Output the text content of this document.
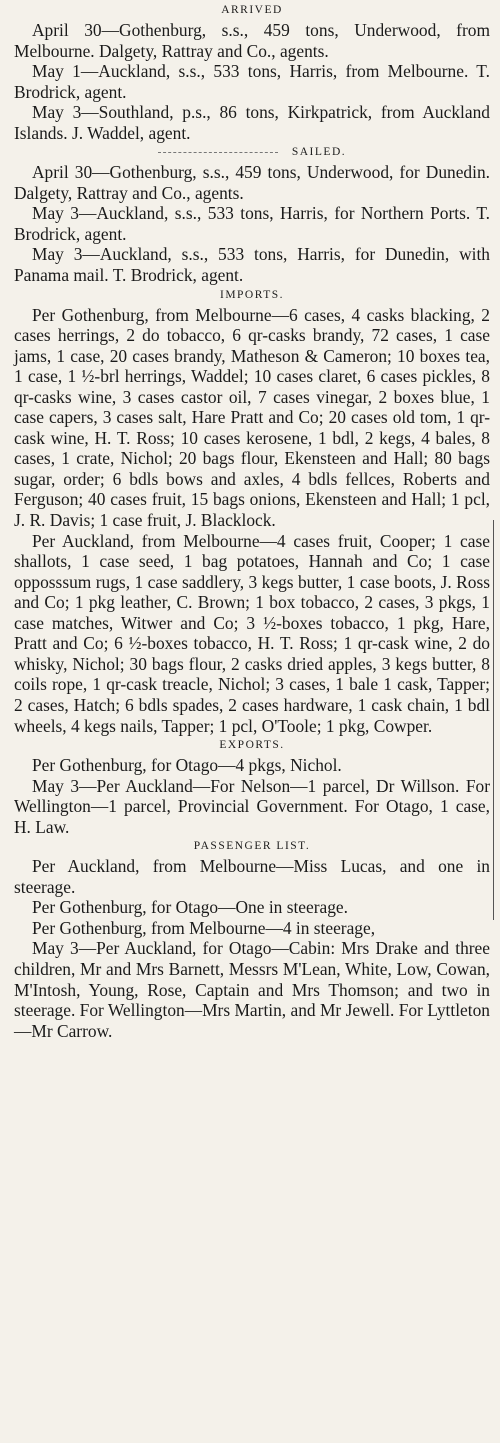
ARRIVED

April 30—Gothenburg, s.s., 459 tons, Underwood, from Melbourne. Dalgety, Rattray and Co., agents.

May 1—Auckland, s.s., 533 tons, Harris, from Melbourne. T. Brodrick, agent.

May 3—Southland, p.s., 86 tons, Kirkpatrick, from Auckland Islands. J. Waddel, agent.

SAILED.

April 30—Gothenburg, s.s., 459 tons, Underwood, for Dunedin. Dalgety, Rattray and Co., agents.

May 3—Auckland, s.s., 533 tons, Harris, for Northern Ports. T. Brodrick, agent.

May 3—Auckland, s.s., 533 tons, Harris, for Dunedin, with Panama mail. T. Brodrick, agent.

IMPORTS.

Per Gothenburg, from Melbourne—6 cases, 4 casks blacking, 2 cases herrings, 2 do tobacco, 6 qr-casks brandy, 72 cases, 1 case jams, 1 case, 20 cases brandy, Matheson & Cameron; 10 boxes tea, 1 case, 1 ½-brl herrings, Waddel; 10 cases claret, 6 cases pickles, 8 qr-casks wine, 3 cases castor oil, 7 cases vinegar, 2 boxes blue, 1 case capers, 3 cases salt, Hare Pratt and Co; 20 cases old tom, 1 qr-cask wine, H. T. Ross; 10 cases kerosene, 1 bdl, 2 kegs, 4 bales, 8 cases, 1 crate, Nichol; 20 bags flour, Ekensteen and Hall; 80 bags sugar, order; 6 bdls bows and axles, 4 bdls fellces, Roberts and Ferguson; 40 cases fruit, 15 bags onions, Ekensteen and Hall; 1 pcl, J. R. Davis; 1 case fruit, J. Blacklock.

Per Auckland, from Melbourne—4 cases fruit, Cooper; 1 case shallots, 1 case seed, 1 bag potatoes, Hannah and Co; 1 case opposssum rugs, 1 case saddlery, 3 kegs butter, 1 case boots, J. Ross and Co; 1 pkg leather, C. Brown; 1 box tobacco, 2 cases, 3 pkgs, 1 case matches, Witwer and Co; 3 ½-boxes tobacco, 1 pkg, Hare, Pratt and Co; 6 ½-boxes tobacco, H. T. Ross; 1 qr-cask wine, 2 do whisky, Nichol; 30 bags flour, 2 casks dried apples, 3 kegs butter, 8 coils rope, 1 qr-cask treacle, Nichol; 3 cases, 1 bale 1 cask, Tapper; 2 cases, Hatch; 6 bdls spades, 2 cases hardware, 1 cask chain, 1 bdl wheels, 4 kegs nails, Tapper; 1 pcl, O'Toole; 1 pkg, Cowper.

EXPORTS.

Per Gothenburg, for Otago—4 pkgs, Nichol.

May 3—Per Auckland—For Nelson—1 parcel, Dr Willson. For Wellington—1 parcel, Provincial Government. For Otago, 1 case, H. Law.

PASSENGER LIST.

Per Auckland, from Melbourne—Miss Lucas, and one in steerage.

Per Gothenburg, for Otago—One in steerage.

Per Gothenburg, from Melbourne—4 in steerage,

May 3—Per Auckland, for Otago—Cabin: Mrs Drake and three children, Mr and Mrs Barnett, Messrs M'Lean, White, Low, Cowan, M'Intosh, Young, Rose, Captain and Mrs Thomson; and two in steerage. For Wellington—Mrs Martin, and Mr Jewell. For Lyttleton—Mr Carrow.
